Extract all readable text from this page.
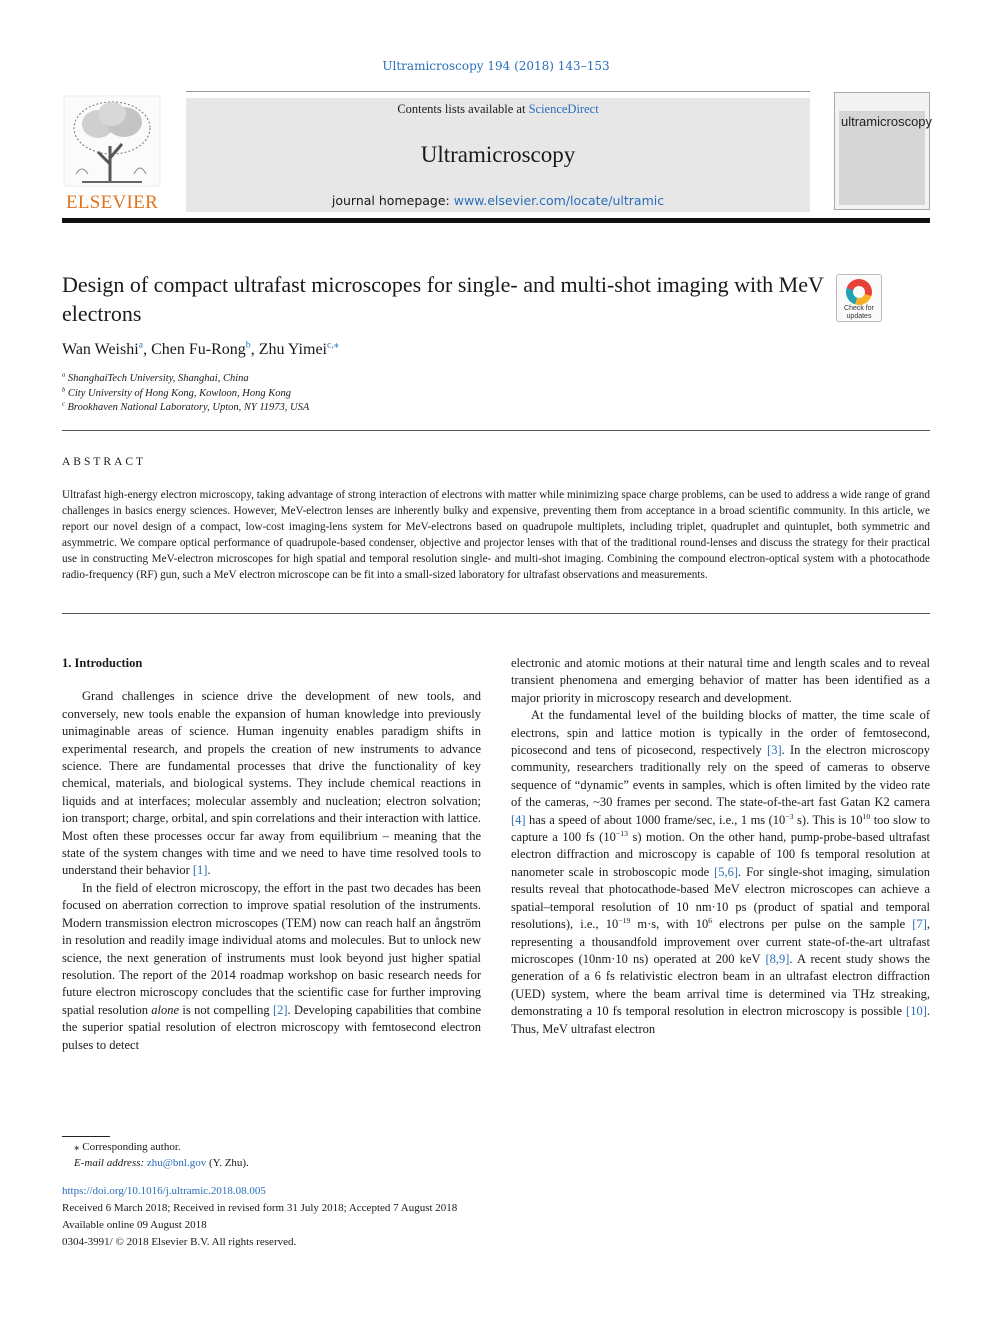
Ultramicroscopy 194 (2018) 143–153
ELSEVIER
Contents lists available at ScienceDirect
Ultramicroscopy
journal homepage: www.elsevier.com/locate/ultramic
ultramicroscopy
Design of compact ultrafast microscopes for single- and multi-shot imaging with MeV electrons	Check for
updates
Wan Weishi$^a$, Chen Fu-Rong$^b$, Zhu Yimei$^{c,⁎}$
$^a$ ShanghaiTech University, Shanghai, China
$^b$ City University of Hong Kong, Kowloon, Hong Kong
$^c$ Brookhaven National Laboratory, Upton, NY 11973, USA
ABSTRACT
Ultrafast high-energy electron microscopy, taking advantage of strong interaction of electrons with matter while minimizing space charge problems, can be used to address a wide range of grand challenges in basics energy sciences. However, MeV-electron lenses are inherently bulky and expensive, preventing them from acceptance in a broad scientific community. In this article, we report our novel design of a compact, low-cost imaging-lens system for MeV-electrons based on quadrupole multiplets, including triplet, quadruplet and quintuplet, both symmetric and asymmetric. We compare optical performance of quadrupole-based condenser, objective and projector lenses with that of the traditional round-lenses and discuss the strategy for their practical use in constructing MeV-electron microscopes for high spatial and temporal resolution single- and multi-shot imaging. Combining the compound electron-optical system with a photocathode radio-frequency (RF) gun, such a MeV electron microscope can be fit into a small-sized laboratory for ultrafast observations and measurements.
1. Introduction

Grand challenges in science drive the development of new tools, and conversely, new tools enable the expansion of human knowledge into previously unimaginable areas of science. Human ingenuity enables paradigm shifts in experimental research, and propels the creation of new instruments to advance science. There are fundamental processes that drive the functionality of key chemical, materials, and biological systems. They include chemical reactions in liquids and at interfaces; molecular assembly and nucleation; electron solvation; ion transport; charge, orbital, and spin correlations and their interaction with lattice. Most often these processes occur far away from equilibrium – meaning that the state of the system changes with time and we need to have time resolved tools to understand their behavior [1].

In the field of electron microscopy, the effort in the past two decades has been focused on aberration correction to improve spatial resolution of the instruments. Modern transmission electron microscopes (TEM) now can reach half an ångström in resolution and readily image individual atoms and molecules. But to unlock new science, the next generation of instruments must look beyond just higher spatial resolution. The report of the 2014 roadmap workshop on basic research needs for future electron microscopy concludes that the scientific case for further improving spatial resolution alone is not compelling [2]. Developing capabilities that combine the superior spatial resolution of electron microscopy with femtosecond electron pulses to detect

electronic and atomic motions at their natural time and length scales and to reveal transient phenomena and emerging behavior of matter has been identified as a major priority in microscopy research and development.

At the fundamental level of the building blocks of matter, the time scale of electrons, spin and lattice motion is typically in the order of femtosecond, picosecond and tens of picosecond, respectively [3]. In the electron microscopy community, researchers traditionally rely on the speed of cameras to observe sequence of “dynamic” events in samples, which is often limited by the video rate of the cameras, ~30 frames per second. The state-of-the-art fast Gatan K2 camera [4] has a speed of about 1000 frame/sec, i.e., 1 ms ($10^{-3}$ s). This is $10^{10}$ too slow to capture a 100 fs ($10^{-13}$ s) motion. On the other hand, pump-probe-based ultrafast electron diffraction and microscopy is capable of 100 fs temporal resolution at nanometer scale in stroboscopic mode [5,6]. For single-shot imaging, simulation results reveal that photocathode-based MeV electron microscopes can achieve a spatial–temporal resolution of 10 nm·10 ps (product of spatial and temporal resolutions), i.e., $10^{-19}$ m·s, with $10^6$ electrons per pulse on the sample [7], representing a thousandfold improvement over current state-of-the-art ultrafast microscopes (10nm·10 ns) operated at 200 keV [8,9]. A recent study shows the generation of a 6 fs relativistic electron beam in an ultrafast electron diffraction (UED) system, where the beam arrival time is determined via THz streaking, demonstrating a 10 fs temporal resolution in electron microscopy is possible [10]. Thus, MeV ultrafast electron

⁎ Corresponding author.
E-mail address: zhu@bnl.gov (Y. Zhu).
https://doi.org/10.1016/j.ultramic.2018.08.005
Received 6 March 2018; Received in revised form 31 July 2018; Accepted 7 August 2018
Available online 09 August 2018
0304-3991/ © 2018 Elsevier B.V. All rights reserved.
